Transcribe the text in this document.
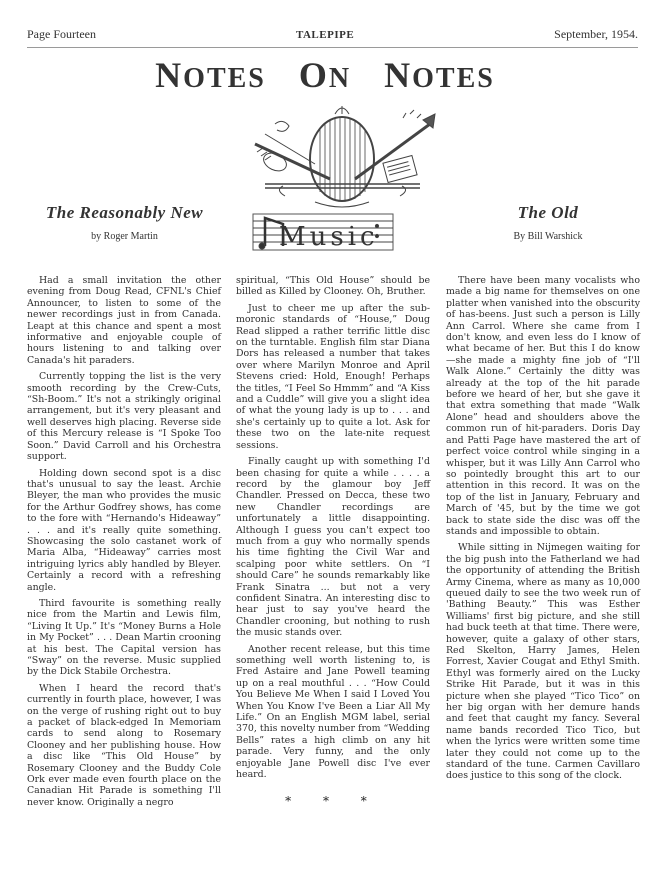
Page Fourteen	TALEPIPE	September, 1954.
NOTES ON NOTES
Music
The Reasonably New
by Roger Martin
The Old
By Bill Warshick

Had a small invitation the other evening from Doug Read, CFNL's Chief Announcer, to listen to some of the newer recordings just in from Canada. Leapt at this chance and spent a most informative and enjoyable couple of hours listening to and talking over Canada's hit paraders.

Currently topping the list is the very smooth recording by the Crew-Cuts, “Sh-Boom.” It's not a strikingly original arrangement, but it's very pleasant and well deserves high placing. Reverse side of this Mercury release is “I Spoke Too Soon.” David Carroll and his Orchestra support.

Holding down second spot is a disc that's unusual to say the least. Archie Bleyer, the man who provides the music for the Arthur Godfrey shows, has come to the fore with “Hernando's Hideaway” . . . and it's really quite something. Showcasing the solo castanet work of Maria Alba, “Hideaway” carries most intriguing lyrics ably handled by Bleyer. Certainly a record with a refreshing angle.

Third favourite is something really nice from the Martin and Lewis film, “Living It Up.” It's “Money Burns a Hole in My Pocket” . . . Dean Martin crooning at his best. The Capital version has “Sway” on the reverse. Music supplied by the Dick Stabile Orchestra.

When I heard the record that's currently in fourth place, however, I was on the verge of rushing right out to buy a packet of black-edged In Memoriam cards to send along to Rosemary Clooney and her publishing house. How a disc like “This Old House” by Rosemary Clooney and the Buddy Cole Ork ever made even fourth place on the Canadian Hit Parade is something I'll never know. Originally a negro

spiritual, “This Old House” should be billed as Killed by Clooney. Oh, Bruther.

Just to cheer me up after the sub-moronic standards of “House,” Doug Read slipped a rather terrific little disc on the turntable. English film star Diana Dors has released a number that takes over where Marilyn Monroe and April Stevens cried: Hold, Enough! Perhaps the titles, “I Feel So Hmmm” and “A Kiss and a Cuddle” will give you a slight idea of what the young lady is up to . . . and she's certainly up to quite a lot. Ask for these two on the late-nite request sessions.

Finally caught up with something I'd been chasing for quite a while . . . . a record by the glamour boy Jeff Chandler. Pressed on Decca, these two new Chandler recordings are unfortunately a little disappointing. Although I guess you can't expect too much from a guy who normally spends his time fighting the Civil War and scalping poor white settlers. On “I should Care” he sounds remarkably like Frank Sinatra ... but not a very confident Sinatra. An interesting disc to hear just to say you've heard the Chandler crooning, but nothing to rush the music stands over.

Another recent release, but this time something well worth listening to, is Fred Astaire and Jane Powell teaming up on a real mouthful . . . “How Could You Believe Me When I said I Loved You When You Know I've Been a Liar All My Life.” On an English MGM label, serial 370, this novelty number from “Wedding Bells” rates a high climb on any hit parade. Very funny, and the only enjoyable Jane Powell disc I've ever heard.

* * *

There have been many vocalists who made a big name for themselves on one platter when vanished into the obscurity of has-beens. Just such a person is Lilly Ann Carrol. Where she came from I don't know, and even less do I know of what became of her. But this I do know—she made a mighty fine job of “I'll Walk Alone.” Certainly the ditty was already at the top of the hit parade before we heard of her, but she gave it that extra something that made “Walk Alone” head and shoulders above the common run of hit-paraders. Doris Day and Patti Page have mastered the art of perfect voice control while singing in a whisper, but it was Lilly Ann Carrol who so pointedly brought this art to our attention in this record. It was on the top of the list in January, February and March of '45, but by the time we got back to state side the disc was off the stands and impossible to obtain.

While sitting in Nijmegen waiting for the big push into the Fatherland we had the opportunity of attending the British Army Cinema, where as many as 10,000 queued daily to see the two week run of 'Bathing Beauty.” This was Esther Williams' first big picture, and she still had buck teeth at that time. There were, however, quite a galaxy of other stars, Red Skelton, Harry James, Helen Forrest, Xavier Cougat and Ethyl Smith. Ethyl was formerly aired on the Lucky Strike Hit Parade, but it was in this picture when she played “Tico Tico” on her big organ with her demure hands and feet that caught my fancy. Several name bands recorded Tico Tico, but when the lyrics were written some time later they could not come up to the standard of the tune. Carmen Cavillaro does justice to this song of the clock.
